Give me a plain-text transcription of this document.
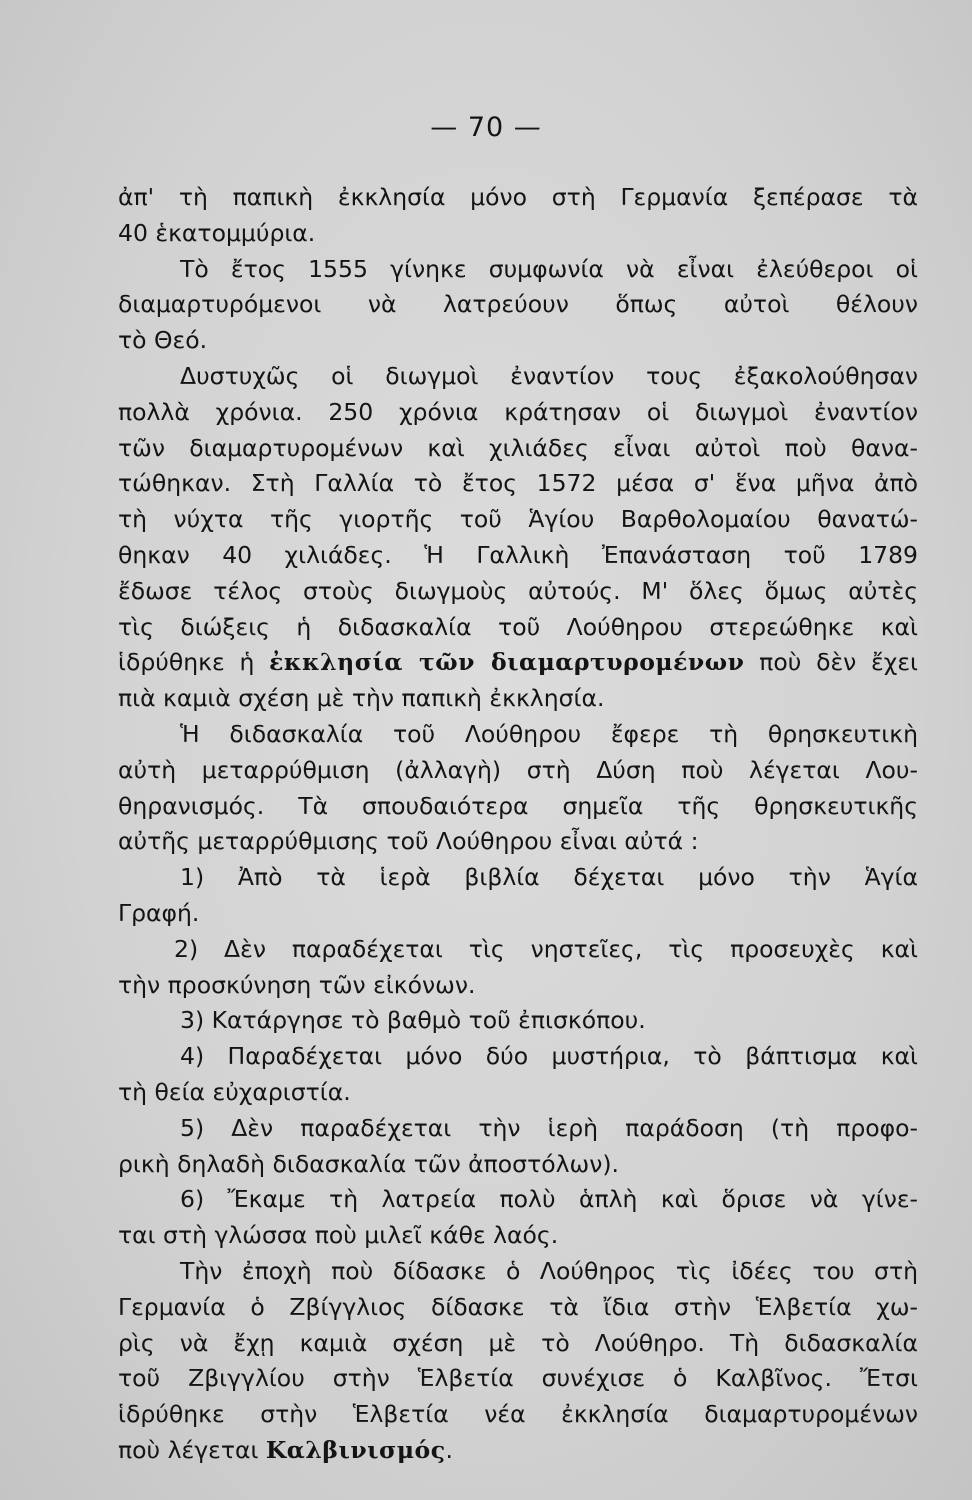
— 70 —
ἀπ' τὴ παπικὴ ἐκκλησία μόνο στὴ Γερμανία ξεπέρασε τὰ
40 ἑκατομμύρια.
Τὸ ἔτος 1555 γίνηκε συμφωνία νὰ εἶναι ἐλεύθεροι οἱ
διαμαρτυρόμενοι νὰ λατρεύουν ὅπως αὐτοὶ θέλουν
τὸ Θεό.
Δυστυχῶς οἱ διωγμοὶ ἐναντίον τους ἐξακολούθησαν
πολλὰ χρόνια. 250 χρόνια κράτησαν οἱ διωγμοὶ ἐναντίον
τῶν διαμαρτυρομένων καὶ χιλιάδες εἶναι αὐτοὶ ποὺ θανα-
τώθηκαν. Στὴ Γαλλία τὸ ἔτος 1572 μέσα σ' ἕνα μῆνα ἀπὸ
τὴ νύχτα τῆς γιορτῆς τοῦ Ἁγίου Βαρθολομαίου θανατώ-
θηκαν 40 χιλιάδες. Ἡ Γαλλικὴ Ἐπανάσταση τοῦ 1789
ἔδωσε τέλος στοὺς διωγμοὺς αὐτούς. Μ' ὅλες ὅμως αὐτὲς
τὶς διώξεις ἡ διδασκαλία τοῦ Λούθηρου στερεώθηκε καὶ
ἱδρύθηκε ἡ ἐκκλησία τῶν διαμαρτυρομένων ποὺ δὲν ἔχει
πιὰ καμιὰ σχέση μὲ τὴν παπικὴ ἐκκλησία.
Ἡ διδασκαλία τοῦ Λούθηρου ἔφερε τὴ θρησκευτικὴ
αὐτὴ μεταρρύθμιση (ἀλλαγὴ) στὴ Δύση ποὺ λέγεται Λου-
θηρανισμός. Τὰ σπουδαιότερα σημεῖα τῆς θρησκευτικῆς
αὐτῆς μεταρρύθμισης τοῦ Λούθηρου εἶναι αὐτά :
1) Ἀπὸ τὰ ἱερὰ βιβλία δέχεται μόνο τὴν Ἁγία
Γραφή.
2) Δὲν παραδέχεται τὶς νηστεῖες, τὶς προσευχὲς καὶ
τὴν προσκύνηση τῶν εἰκόνων.
3) Κατάργησε τὸ βαθμὸ τοῦ ἐπισκόπου.
4) Παραδέχεται μόνο δύο μυστήρια, τὸ βάπτισμα καὶ
τὴ θεία εὐχαριστία.
5) Δὲν παραδέχεται τὴν ἱερὴ παράδοση (τὴ προφο-
ρικὴ δηλαδὴ διδασκαλία τῶν ἀποστόλων).
6) Ἔκαμε τὴ λατρεία πολὺ ἁπλὴ καὶ ὅρισε νὰ γίνε-
ται στὴ γλώσσα ποὺ μιλεῖ κάθε λαός.
Τὴν ἐποχὴ ποὺ δίδασκε ὁ Λούθηρος τὶς ἰδέες του στὴ
Γερμανία ὁ Ζβίγγλιος δίδασκε τὰ ἴδια στὴν Ἑλβετία χω-
ρὶς νὰ ἔχῃ καμιὰ σχέση μὲ τὸ Λούθηρο. Τὴ διδασκαλία
τοῦ Ζβιγγλίου στὴν Ἑλβετία συνέχισε ὁ Καλβῖνος. Ἔτσι
ἱδρύθηκε στὴν Ἑλβετία νέα ἐκκλησία διαμαρτυρομένων
ποὺ λέγεται Καλβινισμός.
